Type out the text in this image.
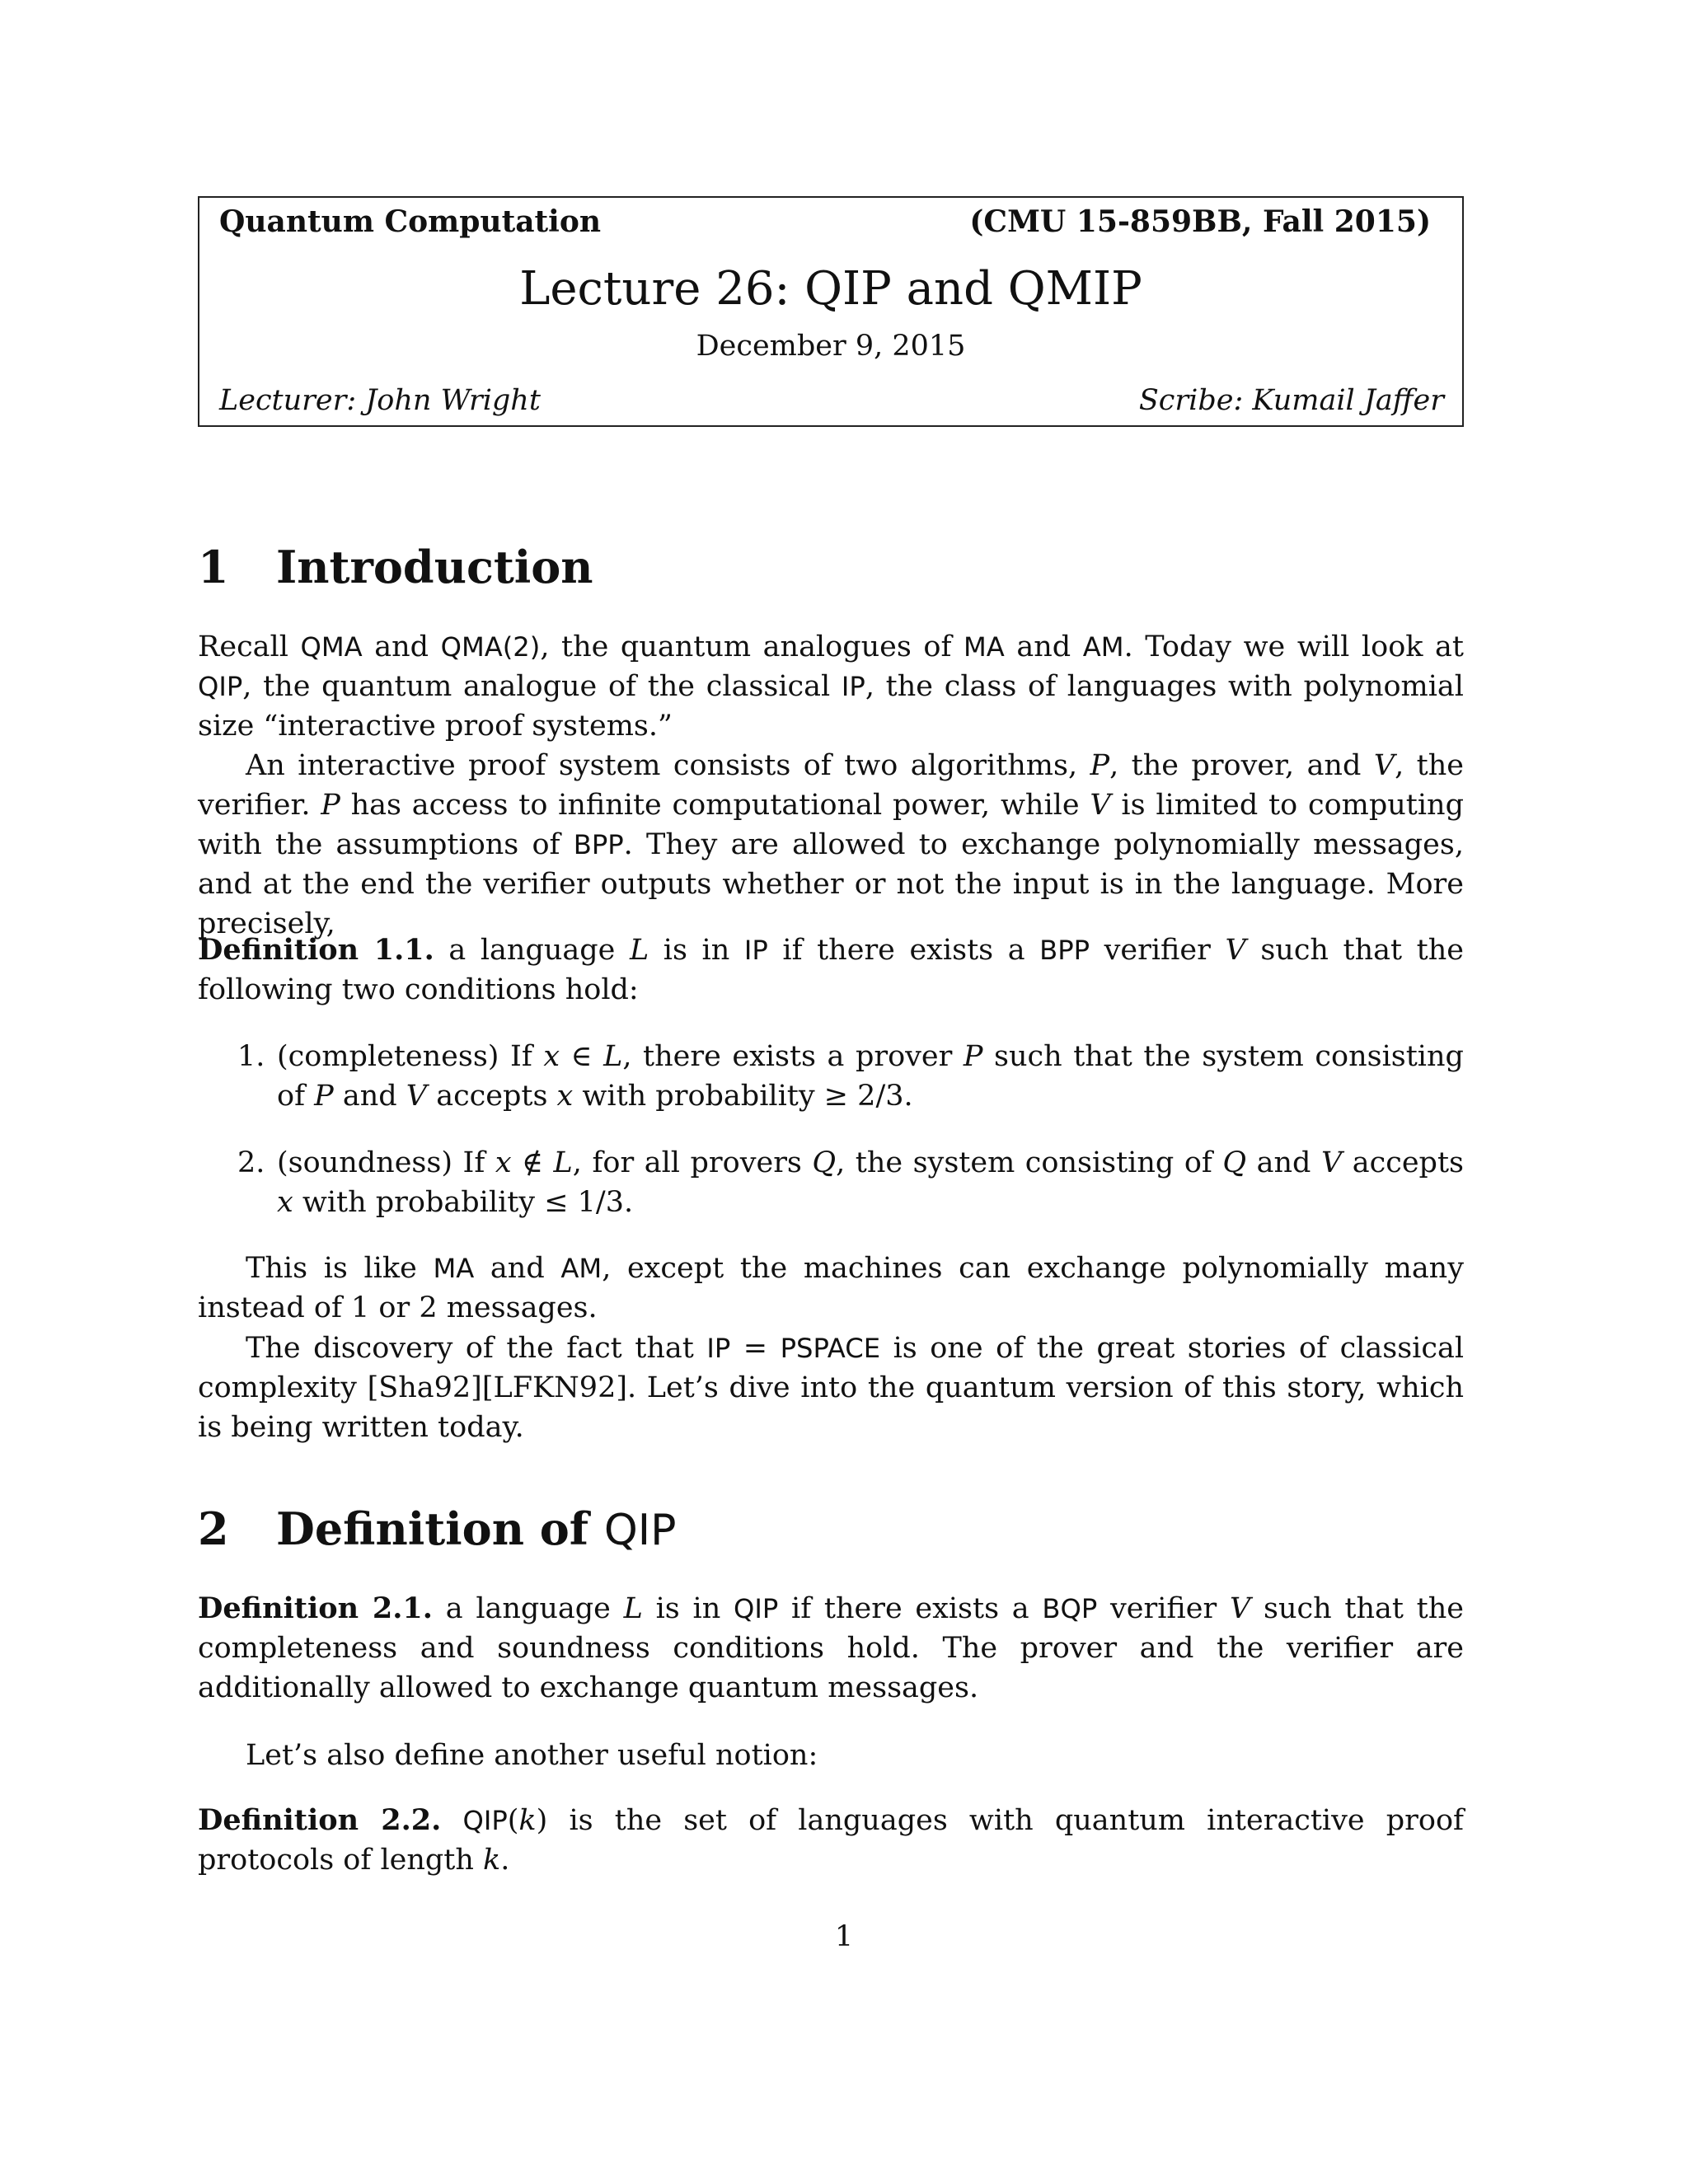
Quantum Computation	(CMU 15-859BB, Fall 2015)
Lecture 26: QIP and QMIP
December 9, 2015
Lecturer: John Wright	Scribe: Kumail Jaffer
1 Introduction
Recall QMA and QMA(2), the quantum analogues of MA and AM. Today we will look at QIP, the quantum analogue of the classical IP, the class of languages with polynomial size “interactive proof systems.”
An interactive proof system consists of two algorithms, P, the prover, and V, the verifier. P has access to infinite computational power, while V is limited to computing with the assumptions of BPP. They are allowed to exchange polynomially messages, and at the end the verifier outputs whether or not the input is in the language. More precisely,
Definition 1.1. a language L is in IP if there exists a BPP verifier V such that the following two conditions hold:
1. (completeness) If x ∈ L, there exists a prover P such that the system consisting of P and V accepts x with probability ≥ 2/3.
2. (soundness) If x ∉ L, for all provers Q, the system consisting of Q and V accepts x with probability ≤ 1/3.
This is like MA and AM, except the machines can exchange polynomially many instead of 1 or 2 messages.
The discovery of the fact that IP = PSPACE is one of the great stories of classical complexity [Sha92][LFKN92]. Let’s dive into the quantum version of this story, which is being written today.
2 Definition of QIP
Definition 2.1. a language L is in QIP if there exists a BQP verifier V such that the completeness and soundness conditions hold. The prover and the verifier are additionally allowed to exchange quantum messages.
Let’s also define another useful notion:
Definition 2.2. QIP(k) is the set of languages with quantum interactive proof protocols of length k.
1
